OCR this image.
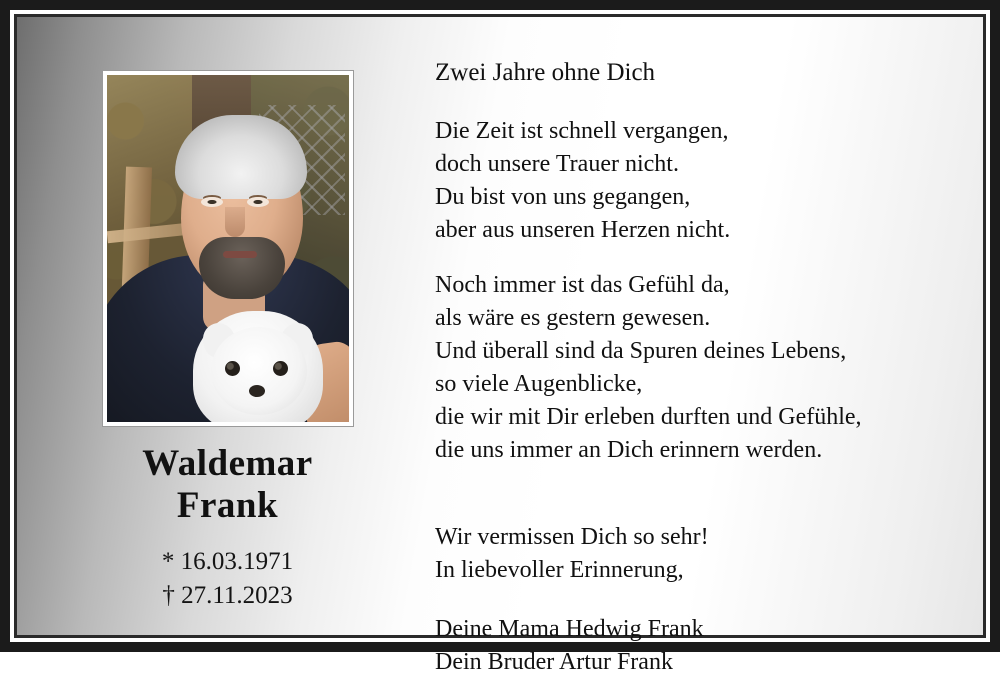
Waldemar
Frank
* 16.03.1971
† 27.11.2023
Zwei Jahre ohne Dich

Die Zeit ist schnell vergangen,

doch unsere Trauer nicht.

Du bist von uns gegangen,

aber aus unseren Herzen nicht.

Noch immer ist das Gefühl da,

als wäre es gestern gewesen.

Und überall sind da Spuren deines Lebens,

so viele Augenblicke,

die wir mit Dir erleben durften und Gefühle,

die uns immer an Dich erinnern werden.

Wir vermissen Dich so sehr!

In liebevoller Erinnerung,

Deine Mama Hedwig Frank

Dein Bruder Artur Frank
